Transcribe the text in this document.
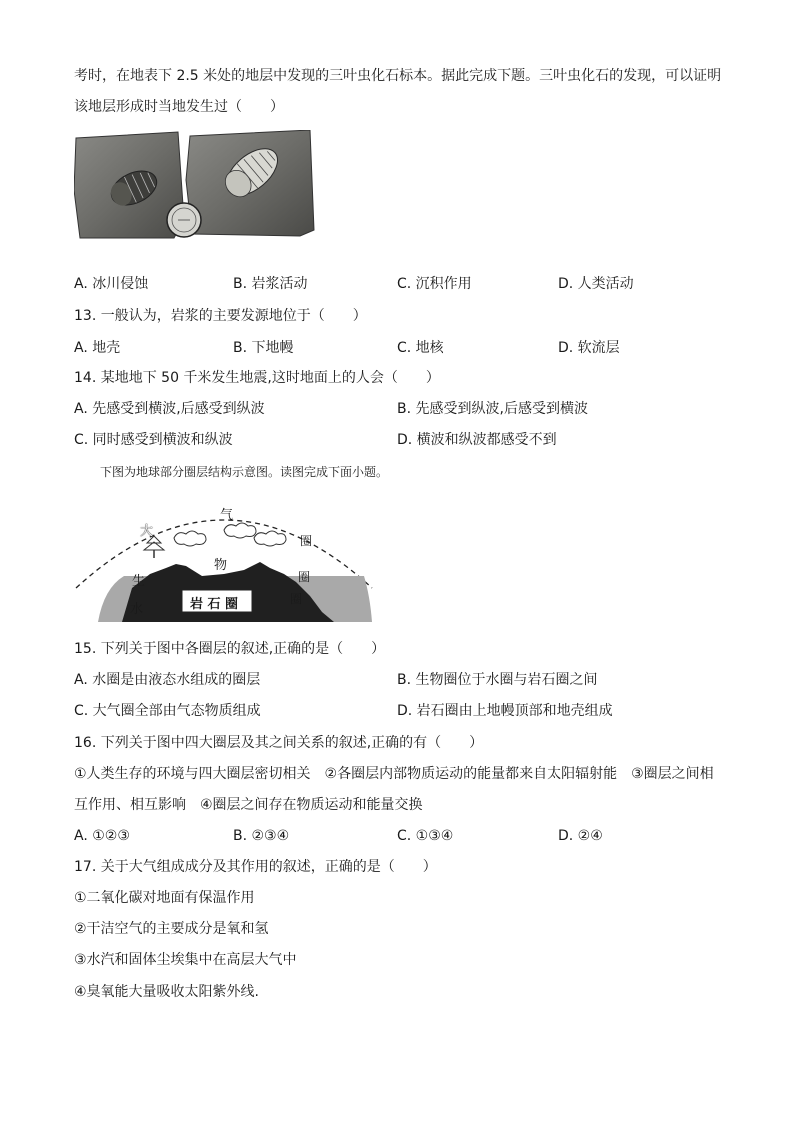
考时，在地表下 2.5 米处的地层中发现的三叶虫化石标本。据此完成下题。三叶虫化石的发现，可以证明
该地层形成时当地发生过（　　）
A. 冰川侵蚀	B. 岩浆活动	C. 沉积作用	D. 人类活动
13. 一般认为，岩浆的主要发源地位于（　　）
A. 地壳	B. 下地幔	C. 地核	D. 软流层
14. 某地地下 50 千米发生地震,这时地面上的人会（　　）
A. 先感受到横波,后感受到纵波	B. 先感受到纵波,后感受到横波
C. 同时感受到横波和纵波	D. 横波和纵波都感受不到
下图为地球部分圈层结构示意图。读图完成下面小题。
大
气
圈
物
生	圈
水
圈
岩 石 圈
15. 下列关于图中各圈层的叙述,正确的是（　　）
A. 水圈是由液态水组成的圈层	B. 生物圈位于水圈与岩石圈之间
C. 大气圈全部由气态物质组成	D. 岩石圈由上地幔顶部和地壳组成
16. 下列关于图中四大圈层及其之间关系的叙述,正确的有（　　）
①人类生存的环境与四大圈层密切相关　②各圈层内部物质运动的能量都来自太阳辐射能　③圈层之间相
互作用、相互影响　④圈层之间存在物质运动和能量交换
A. ①②③	B. ②③④	C. ①③④	D. ②④
17. 关于大气组成成分及其作用的叙述，正确的是（　　）
①二氧化碳对地面有保温作用
②干洁空气的主要成分是氧和氢
③水汽和固体尘埃集中在高层大气中
④臭氧能大量吸收太阳紫外线.
